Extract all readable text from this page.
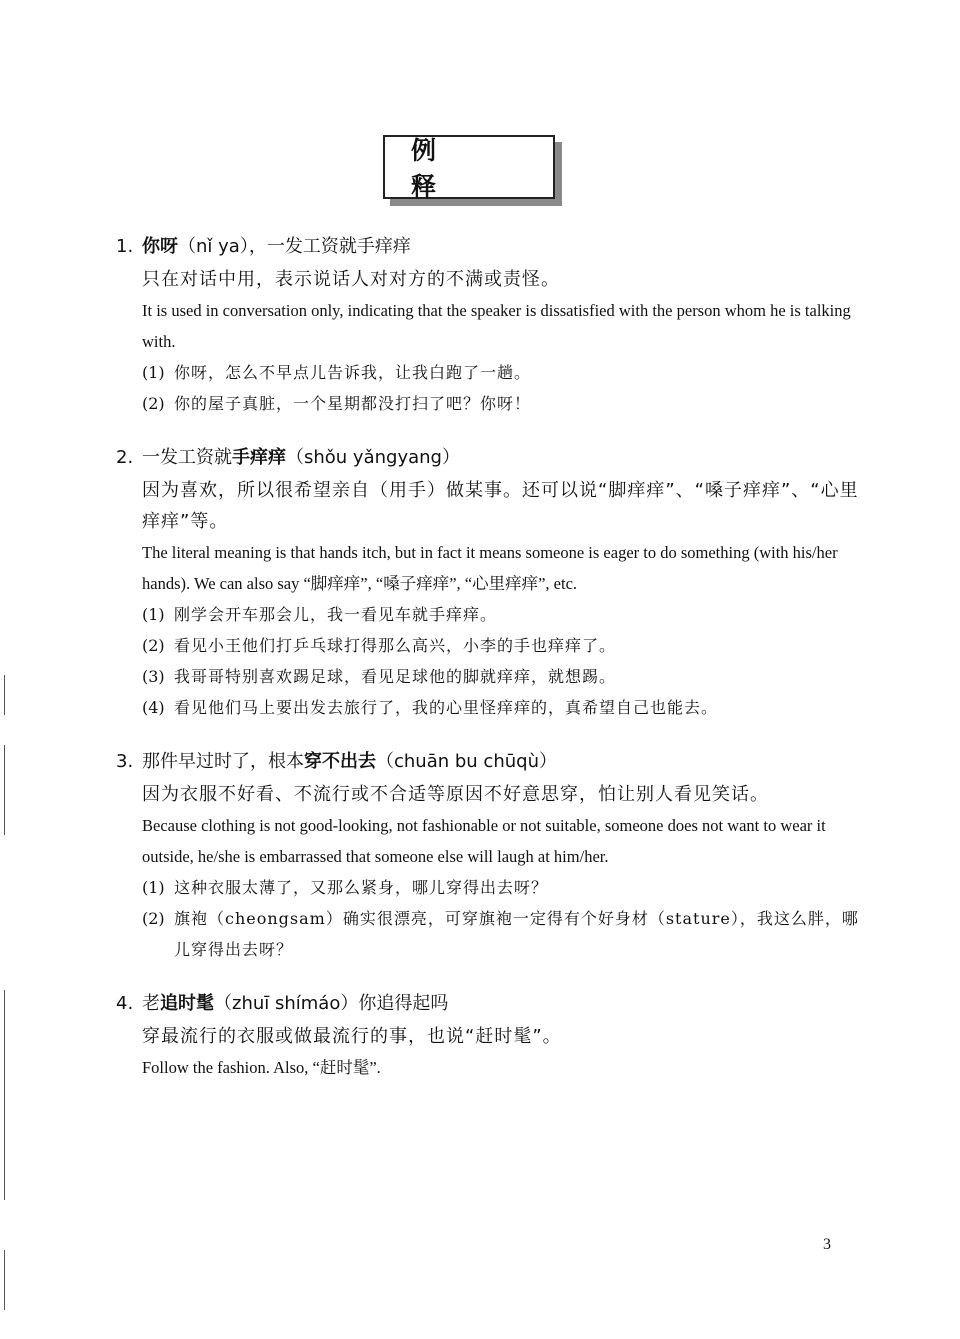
例　释
1. 你呀（nǐ ya），一发工资就手痒痒
只在对话中用，表示说话人对对方的不满或责怪。
It is used in conversation only, indicating that the speaker is dissatisfied with the person whom he is talking with.
(1) 你呀，怎么不早点儿告诉我，让我白跑了一趟。
(2) 你的屋子真脏，一个星期都没打扫了吧？你呀！
2. 一发工资就手痒痒（shǒu yǎngyang）
因为喜欢，所以很希望亲自（用手）做某事。还可以说“脚痒痒”、“嗓子痒痒”、“心里痒痒”等。
The literal meaning is that hands itch, but in fact it means someone is eager to do something (with his/her hands). We can also say “脚痒痒”, “嗓子痒痒”, “心里痒痒”, etc.
(1) 刚学会开车那会儿，我一看见车就手痒痒。
(2) 看见小王他们打乒乓球打得那么高兴，小李的手也痒痒了。
(3) 我哥哥特别喜欢踢足球，看见足球他的脚就痒痒，就想踢。
(4) 看见他们马上要出发去旅行了，我的心里怪痒痒的，真希望自己也能去。
3. 那件早过时了，根本穿不出去（chuān bu chūqù）
因为衣服不好看、不流行或不合适等原因不好意思穿，怕让别人看见笑话。
Because clothing is not good-looking, not fashionable or not suitable, someone does not want to wear it outside, he/she is embarrassed that someone else will laugh at him/her.
(1) 这种衣服太薄了，又那么紧身，哪儿穿得出去呀？
(2) 旗袍（cheongsam）确实很漂亮，可穿旗袍一定得有个好身材（stature），我这么胖，哪儿穿得出去呀？
4. 老追时髦（zhuī shímáo）你追得起吗
穿最流行的衣服或做最流行的事，也说“赶时髦”。
Follow the fashion. Also, “赶时髦”.
3
